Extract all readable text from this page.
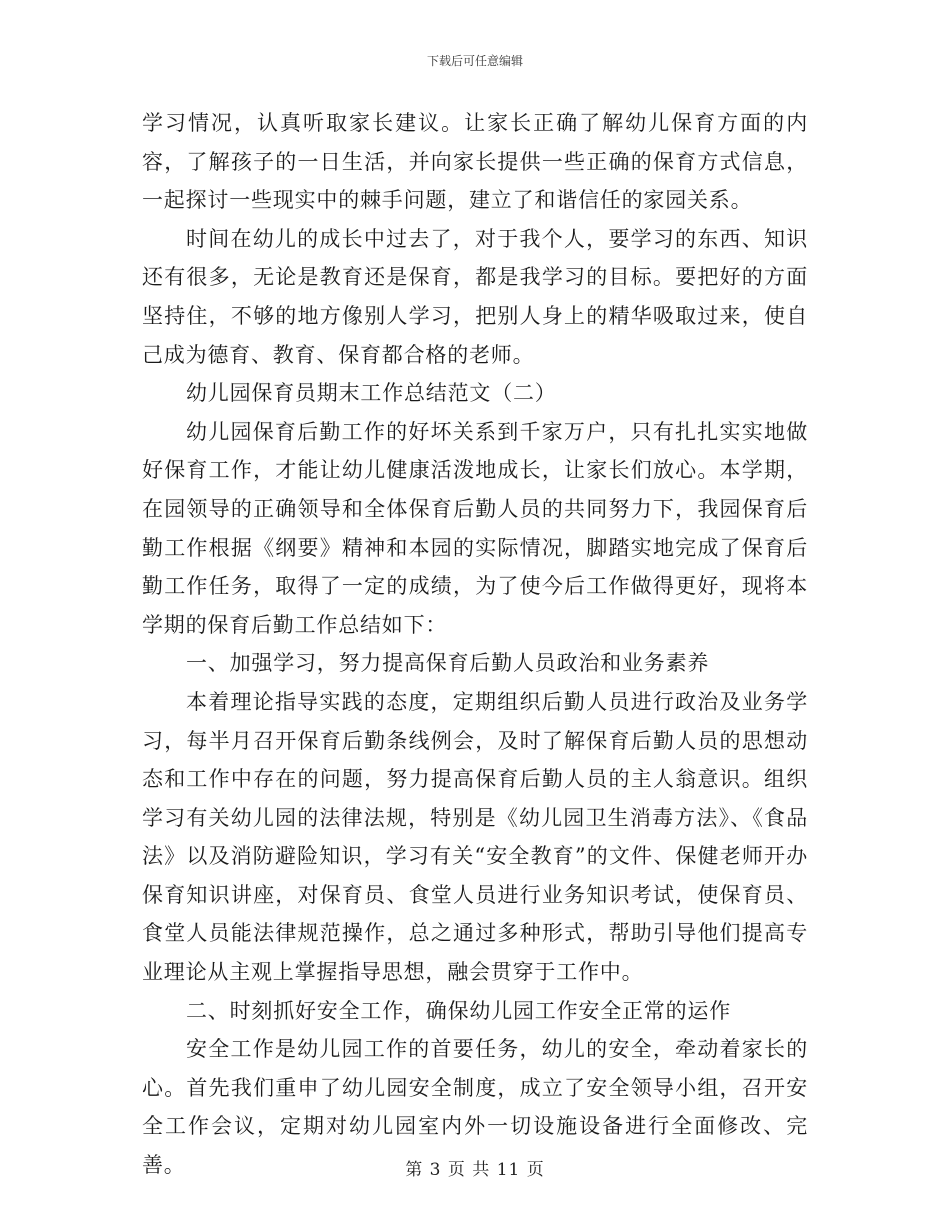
下载后可任意编辑

学习情况，认真听取家长建议。让家长正确了解幼儿保育方面的内容，了解孩子的一日生活，并向家长提供一些正确的保育方式信息，一起探讨一些现实中的棘手问题，建立了和谐信任的家园关系。

时间在幼儿的成长中过去了，对于我个人，要学习的东西、知识还有很多，无论是教育还是保育，都是我学习的目标。要把好的方面坚持住，不够的地方像别人学习，把别人身上的精华吸取过来，使自己成为德育、教育、保育都合格的老师。

幼儿园保育员期末工作总结范文（二）

幼儿园保育后勤工作的好坏关系到千家万户，只有扎扎实实地做好保育工作，才能让幼儿健康活泼地成长，让家长们放心。本学期，在园领导的正确领导和全体保育后勤人员的共同努力下，我园保育后勤工作根据《纲要》精神和本园的实际情况，脚踏实地完成了保育后勤工作任务，取得了一定的成绩，为了使今后工作做得更好，现将本学期的保育后勤工作总结如下：

一、加强学习，努力提高保育后勤人员政治和业务素养

本着理论指导实践的态度，定期组织后勤人员进行政治及业务学习，每半月召开保育后勤条线例会，及时了解保育后勤人员的思想动态和工作中存在的问题，努力提高保育后勤人员的主人翁意识。组织学习有关幼儿园的法律法规，特别是《幼儿园卫生消毒方法》、《食品法》以及消防避险知识，学习有关“安全教育”的文件、保健老师开办保育知识讲座，对保育员、食堂人员进行业务知识考试，使保育员、食堂人员能法律规范操作，总之通过多种形式，帮助引导他们提高专业理论从主观上掌握指导思想，融会贯穿于工作中。

二、时刻抓好安全工作，确保幼儿园工作安全正常的运作

安全工作是幼儿园工作的首要任务，幼儿的安全，牵动着家长的心。首先我们重申了幼儿园安全制度，成立了安全领导小组，召开安全工作会议，定期对幼儿园室内外一切设施设备进行全面修改、完善。	第 3 页 共 11 页
